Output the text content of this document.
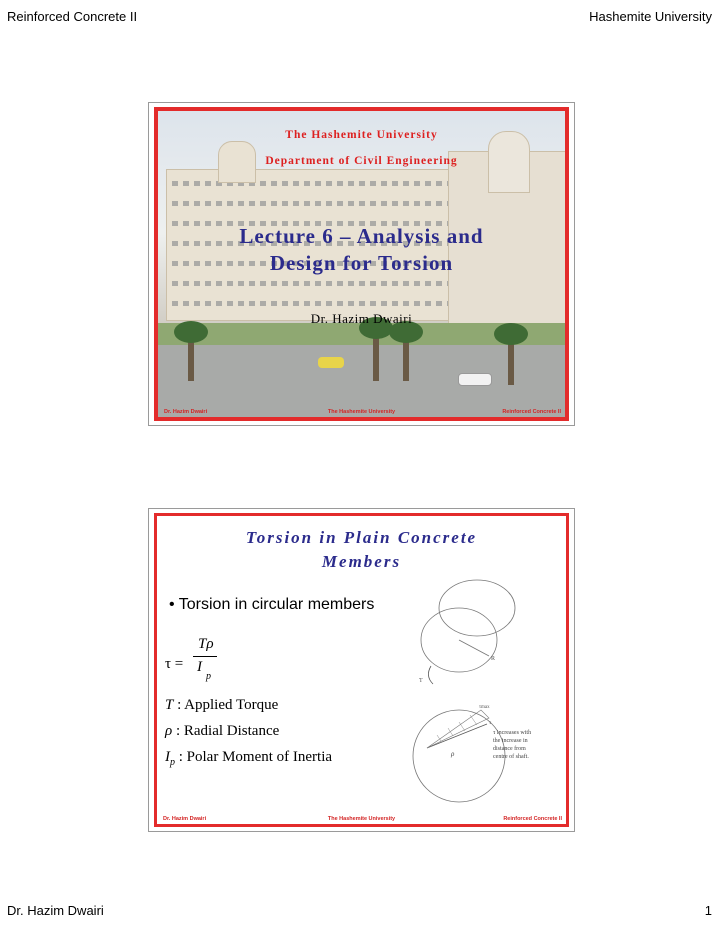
Reinforced Concrete II	Hashemite University
The Hashemite University
Department of Civil Engineering
Lecture 6 – Analysis and
Design for Torsion
Dr. Hazim Dwairi
Dr. Hazim Dwairi	The Hashemite University	Reinforced Concrete II
Torsion in Plain Concrete
Members
• Torsion in circular members
τ =
Tρ
I
p
T : Applied Torque
ρ : Radial Distance
$I_p$ : Polar Moment of Inertia
R
T
ρ
τmax
τ
τ increases with
the increase in
distance from
centre of shaft.
Dr. Hazim Dwairi	The Hashemite University	Reinforced Concrete II
Dr. Hazim Dwairi	1
